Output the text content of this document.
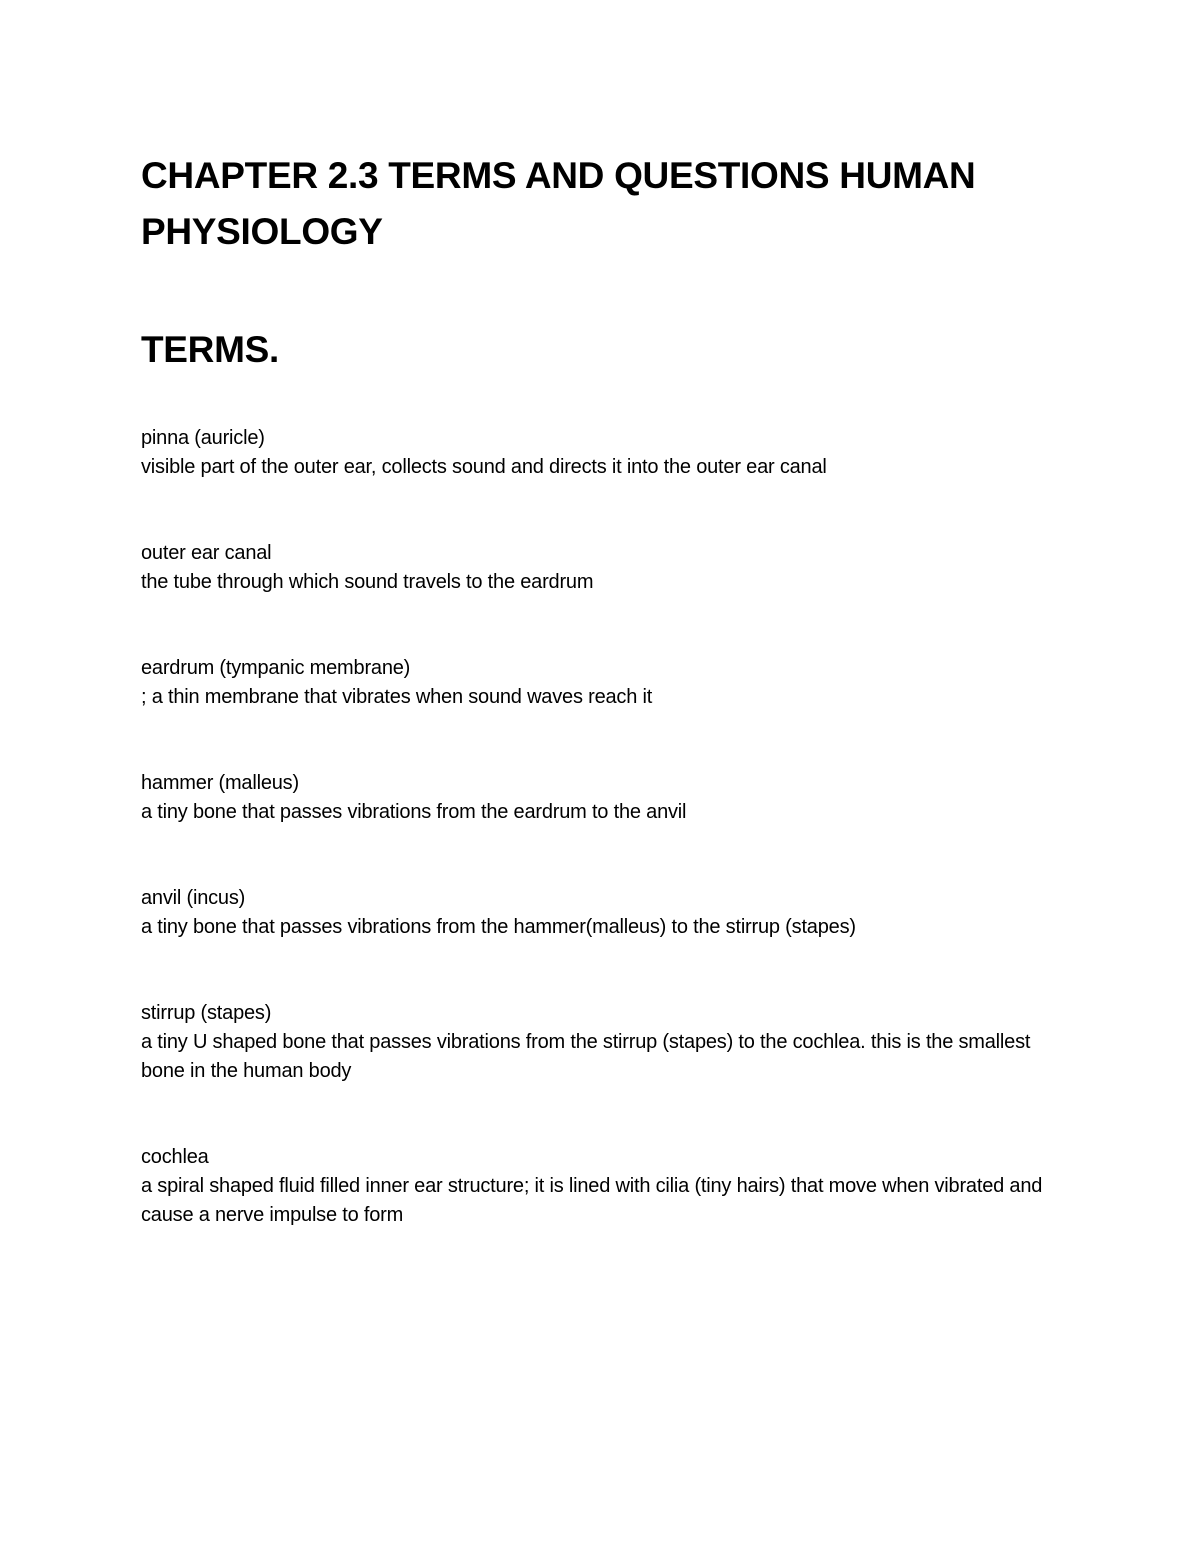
CHAPTER 2.3 TERMS AND QUESTIONS HUMAN PHYSIOLOGY
TERMS.

pinna (auricle)

visible part of the outer ear, collects sound and directs it into the outer ear canal

outer ear canal

the tube through which sound travels to the eardrum

eardrum (tympanic membrane)

; a thin membrane that vibrates when sound waves reach it

hammer (malleus)

a tiny bone that passes vibrations from the eardrum to the anvil

anvil (incus)

a tiny bone that passes vibrations from the hammer(malleus) to the stirrup (stapes)

stirrup (stapes)

a tiny U shaped bone that passes vibrations from the stirrup (stapes) to the cochlea. this is the smallest bone in the human body

cochlea

a spiral shaped fluid filled inner ear structure; it is lined with cilia (tiny hairs) that move when vibrated and cause a nerve impulse to form
